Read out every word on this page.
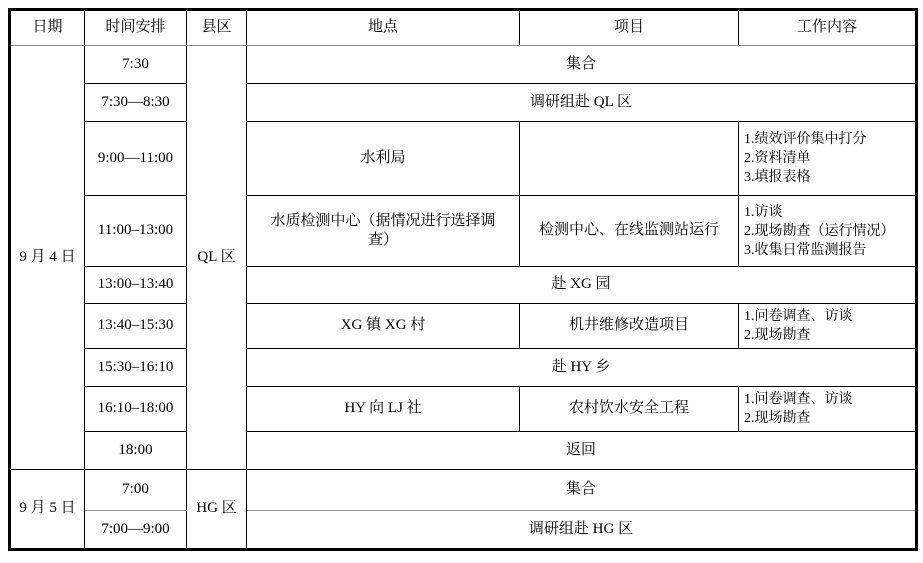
日期	时间安排	县区	地点	项目	工作内容
9 月 4 日	7:30	QL 区	集合		
	7:30—8:30		调研组赴 QL 区		
	9:00—11:00		水利局		1.绩效评价集中打分
2.资料清单
3.填报表格

	11:00–13:00		水质检测中心（据情况进行选择调查）	检测中心、在线监测站运行	1.访谈
2.现场勘查（运行情况）
3.收集日常监测报告

	13:00–13:40		赴 XG 园		
	13:40–15:30		XG 镇 XG 村	机井维修改造项目	1.问卷调查、访谈
2.现场勘查

	15:30–16:10		赴 HY 乡		
	16:10–18:00		HY 向 LJ 社	农村饮水安全工程	1.问卷调查、访谈
2.现场勘查

	18:00		返回		
9 月 5 日	7:00	HG 区	集合		
	7:00—9:00		调研组赴 HG 区		
